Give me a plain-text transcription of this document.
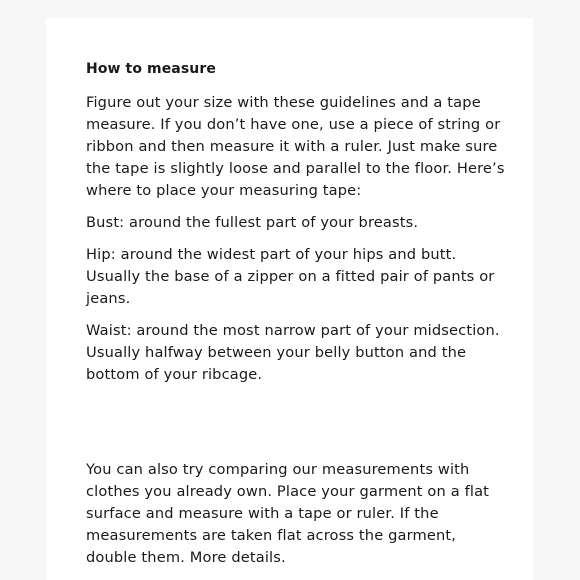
How to measure

Figure out your size with these guidelines and a tape measure. If you don’t have one, use a piece of string or ribbon and then measure it with a ruler. Just make sure the tape is slightly loose and parallel to the floor. Here’s where to place your measuring tape:

Bust: around the fullest part of your breasts.

Hip: around the widest part of your hips and butt. Usually the base of a zipper on a fitted pair of pants or jeans.

Waist: around the most narrow part of your midsection. Usually halfway between your belly button and the bottom of your ribcage.

You can also try comparing our measurements with clothes you already own. Place your garment on a flat surface and measure with a tape or ruler. If the measurements are taken flat across the garment, double them. More details.
